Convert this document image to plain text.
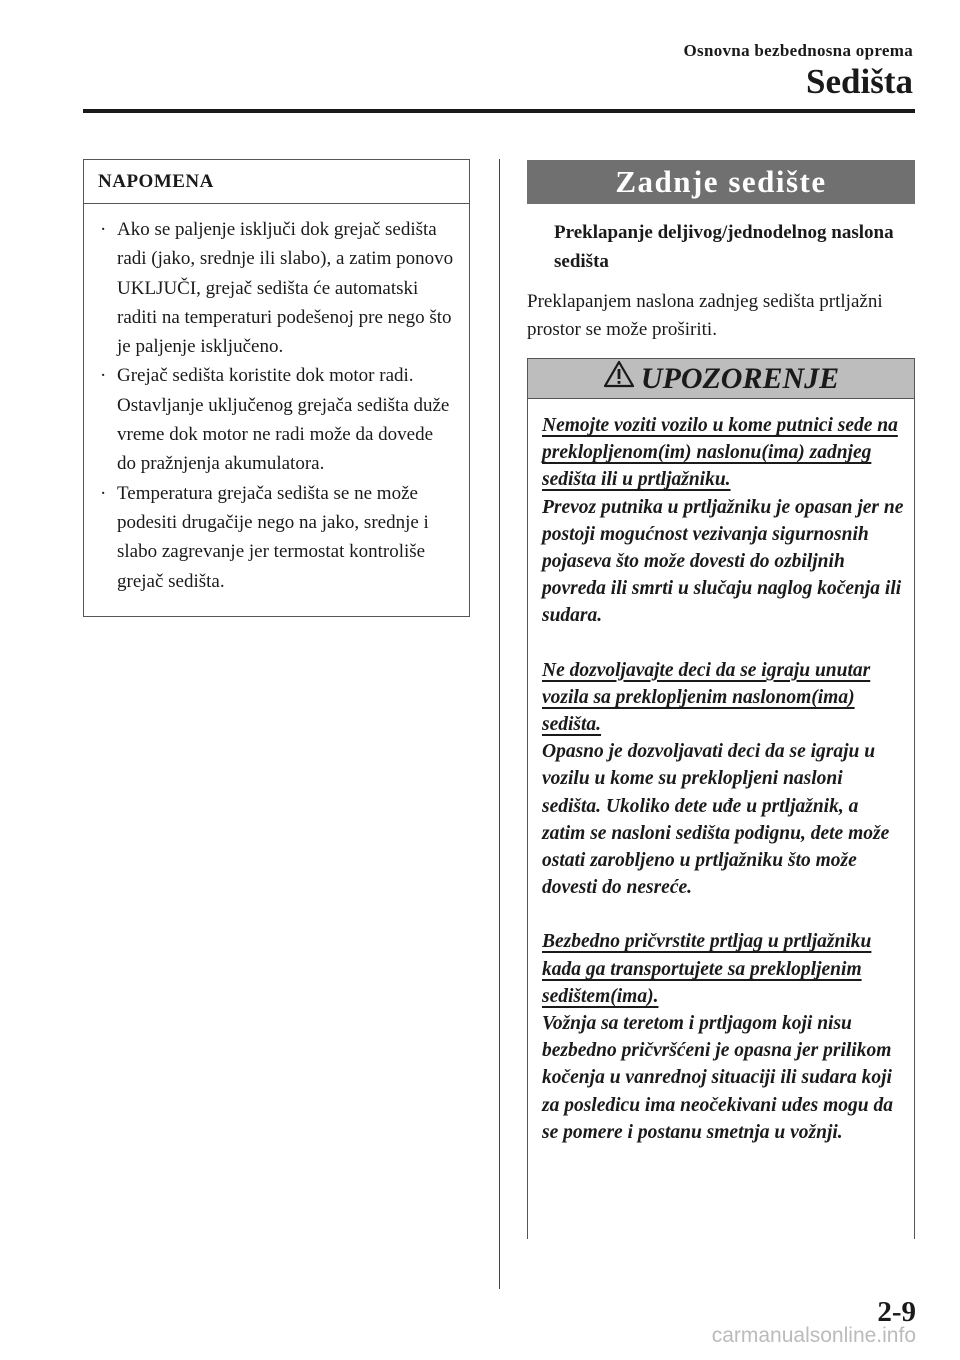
Osnovna bezbednosna oprema
Sedišta
NAPOMENA
· Ako se paljenje isključi dok grejač sedišta radi (jako, srednje ili slabo), a zatim ponovo UKLJUČI, grejač sedišta će automatski raditi na temperaturi podešenoj pre nego što je paljenje isključeno.
· Grejač sedišta koristite dok motor radi. Ostavljanje uključenog grejača sedišta duže vreme dok motor ne radi može da dovede do pražnjenja akumulatora.
· Temperatura grejača sedišta se ne može podesiti drugačije nego na jako, srednje i slabo zagrevanje jer termostat kontroliše grejač sedišta.
Zadnje sedište
Preklapanje deljivog/jednodelnog naslona sedišta
Preklapanjem naslona zadnjeg sedišta prtljažni prostor se može proširiti.
UPOZORENJE

Nemojte voziti vozilo u kome putnici sede na preklopljenom(im) naslonu(ima) zadnjeg sedišta ili u prtljažniku.
Prevoz putnika u prtljažniku je opasan jer ne postoji mogućnost vezivanja sigurnosnih pojaseva što može dovesti do ozbiljnih povreda ili smrti u slučaju naglog kočenja ili sudara.

Ne dozvoljavajte deci da se igraju unutar vozila sa preklopljenim naslonom(ima) sedišta.
Opasno je dozvoljavati deci da se igraju u vozilu u kome su preklopljeni nasloni sedišta. Ukoliko dete uđe u prtljažnik, a zatim se nasloni sedišta podignu, dete može ostati zarobljeno u prtljažniku što može dovesti do nesreće.

Bezbedno pričvrstite prtljag u prtljažniku kada ga transportujete sa preklopljenim sedištem(ima).
Vožnja sa teretom i prtljagom koji nisu bezbedno pričvršćeni je opasna jer prilikom kočenja u vanrednoj situaciji ili sudara koji za posledicu ima neočekivani udes mogu da se pomere i postanu smetnja u vožnji.

2-9
carmanualsonline.info
